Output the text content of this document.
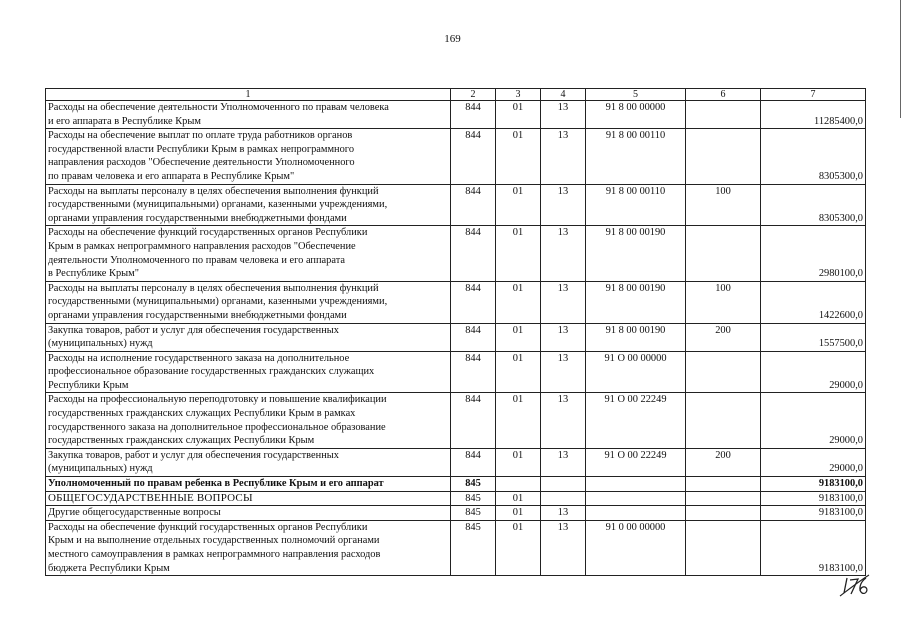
169
1	2	3	4	5	6	7
Расходы на обеспечение деятельности Уполномоченного по правам человека
и его аппарата в Республике Крым	844	01	13	91 8 00 00000		11285400,0
Расходы на обеспечение выплат по оплате труда работников органов
государственной власти Республики Крым в рамках непрограммного
направления расходов "Обеспечение деятельности Уполномоченного
по правам человека и его аппарата в Республике Крым"	844	01	13	91 8 00 00110		8305300,0
Расходы на выплаты персоналу в целях обеспечения выполнения функций
государственными (муниципальными) органами, казенными учреждениями,
органами управления государственными внебюджетными фондами	844	01	13	91 8 00 00110	100	8305300,0
Расходы на обеспечение функций государственных органов Республики
Крым в рамках непрограммного направления расходов "Обеспечение
деятельности Уполномоченного по правам человека и его аппарата
в Республике Крым"	844	01	13	91 8 00 00190		2980100,0
Расходы на выплаты персоналу в целях обеспечения выполнения функций
государственными (муниципальными) органами, казенными учреждениями,
органами управления государственными внебюджетными фондами	844	01	13	91 8 00 00190	100	1422600,0
Закупка товаров, работ и услуг для обеспечения государственных
(муниципальных) нужд	844	01	13	91 8 00 00190	200	1557500,0
Расходы на исполнение государственного заказа на дополнительное
профессиональное образование государственных гражданских служащих
Республики Крым	844	01	13	91 О 00 00000		29000,0
Расходы на профессиональную переподготовку и повышение квалификации
государственных гражданских служащих Республики Крым в рамках
государственного заказа на дополнительное профессиональное образование
государственных гражданских служащих Республики Крым	844	01	13	91 О 00 22249		29000,0
Закупка товаров, работ и услуг для обеспечения государственных
(муниципальных) нужд	844	01	13	91 О 00 22249	200	29000,0
Уполномоченный по правам ребенка в Республике Крым и его аппарат	845					9183100,0
ОБЩЕГОСУДАРСТВЕННЫЕ ВОПРОСЫ	845	01				9183100,0
Другие общегосударственные вопросы	845	01	13			9183100,0
Расходы на обеспечение функций государственных органов Республики
Крым и на выполнение отдельных государственных полномочий органами
местного самоуправления в рамках непрограммного направления расходов
бюджета Республики Крым	845	01	13	91 0 00 00000		9183100,0
